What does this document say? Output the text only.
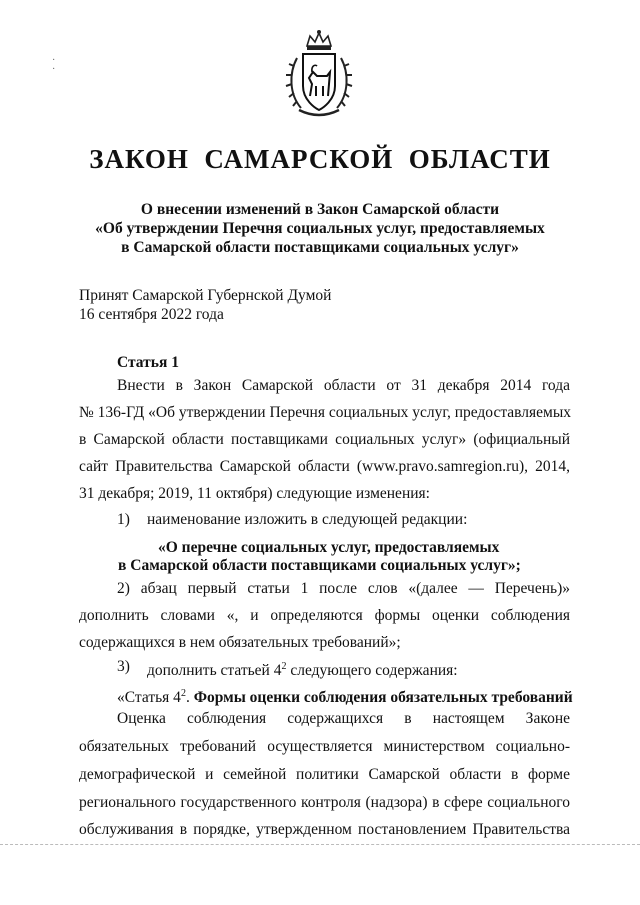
·
·
ЗАКОН  САМАРСКОЙ  ОБЛАСТИ
О внесении изменений в Закон Самарской области
«Об утверждении Перечня социальных услуг, предоставляемых
в Самарской области поставщиками социальных услуг»
Принят Самарской Губернской Думой
16 сентября 2022 года
Статья 1
Внести в Закон Самарской области от 31 декабря 2014 года
№ 136-ГД «Об утверждении Перечня социальных услуг, предоставляемых
в Самарской области поставщиками социальных услуг» (официальный
сайт Правительства Самарской области (www.pravo.samregion.ru), 2014,
31 декабря; 2019, 11 октября) следующие изменения:
1) наименование изложить в следующей редакции:
«О перечне социальных услуг, предоставляемых
в Самарской области поставщиками социальных услуг»;
2) абзац первый статьи 1 после слов «(далее — Перечень)»
дополнить словами «, и определяются формы оценки соблюдения
содержащихся в нем обязательных требований»;
3) дополнить статьей $4^2$ следующего содержания:
«Статья $4^2$. Формы оценки соблюдения обязательных требований
Оценка соблюдения содержащихся в настоящем Законе
обязательных требований осуществляется министерством социально-
демографической и семейной политики Самарской области в форме
регионального государственного контроля (надзора) в сфере социального
обслуживания в порядке, утвержденном постановлением Правительства
